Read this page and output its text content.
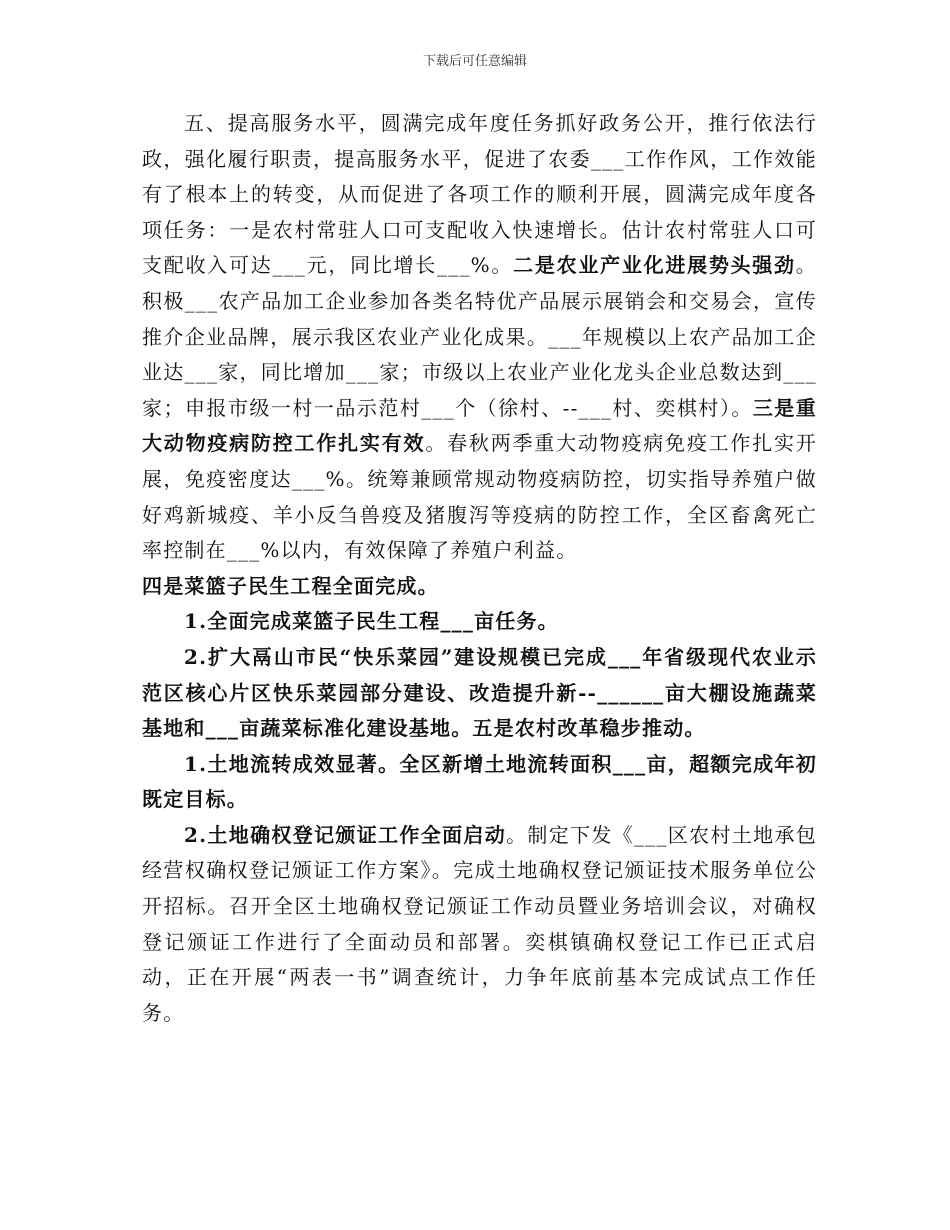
下载后可任意编辑

五、提高服务水平，圆满完成年度任务抓好政务公开，推行依法行政，强化履行职责，提高服务水平，促进了农委___工作作风，工作效能有了根本上的转变，从而促进了各项工作的顺利开展，圆满完成年度各项任务：一是农村常驻人口可支配收入快速增长。估计农村常驻人口可支配收入可达___元，同比增长___%。二是农业产业化进展势头强劲。积极___农产品加工企业参加各类名特优产品展示展销会和交易会，宣传推介企业品牌，展示我区农业产业化成果。___年规模以上农产品加工企业达___家，同比增加___家；市级以上农业产业化龙头企业总数达到___家；申报市级一村一品示范村___个（徐村、--___村、奕棋村）。三是重大动物疫病防控工作扎实有效。春秋两季重大动物疫病免疫工作扎实开展，免疫密度达___%。统筹兼顾常规动物疫病防控，切实指导养殖户做好鸡新城疫、羊小反刍兽疫及猪腹泻等疫病的防控工作，全区畜禽死亡率控制在___%以内，有效保障了养殖户利益。

四是菜篮子民生工程全面完成。

1.全面完成菜篮子民生工程___亩任务。

2.扩大鬲山市民“快乐菜园”建设规模已完成___年省级现代农业示范区核心片区快乐菜园部分建设、改造提升新--______亩大棚设施蔬菜基地和___亩蔬菜标准化建设基地。五是农村改革稳步推动。

1.土地流转成效显著。全区新增土地流转面积___亩，超额完成年初既定目标。

2.土地确权登记颁证工作全面启动。制定下发《___区农村土地承包经营权确权登记颁证工作方案》。完成土地确权登记颁证技术服务单位公开招标。召开全区土地确权登记颁证工作动员暨业务培训会议，对确权登记颁证工作进行了全面动员和部署。奕棋镇确权登记工作已正式启动，正在开展“两表一书”调查统计，力争年底前基本完成试点工作任务。
